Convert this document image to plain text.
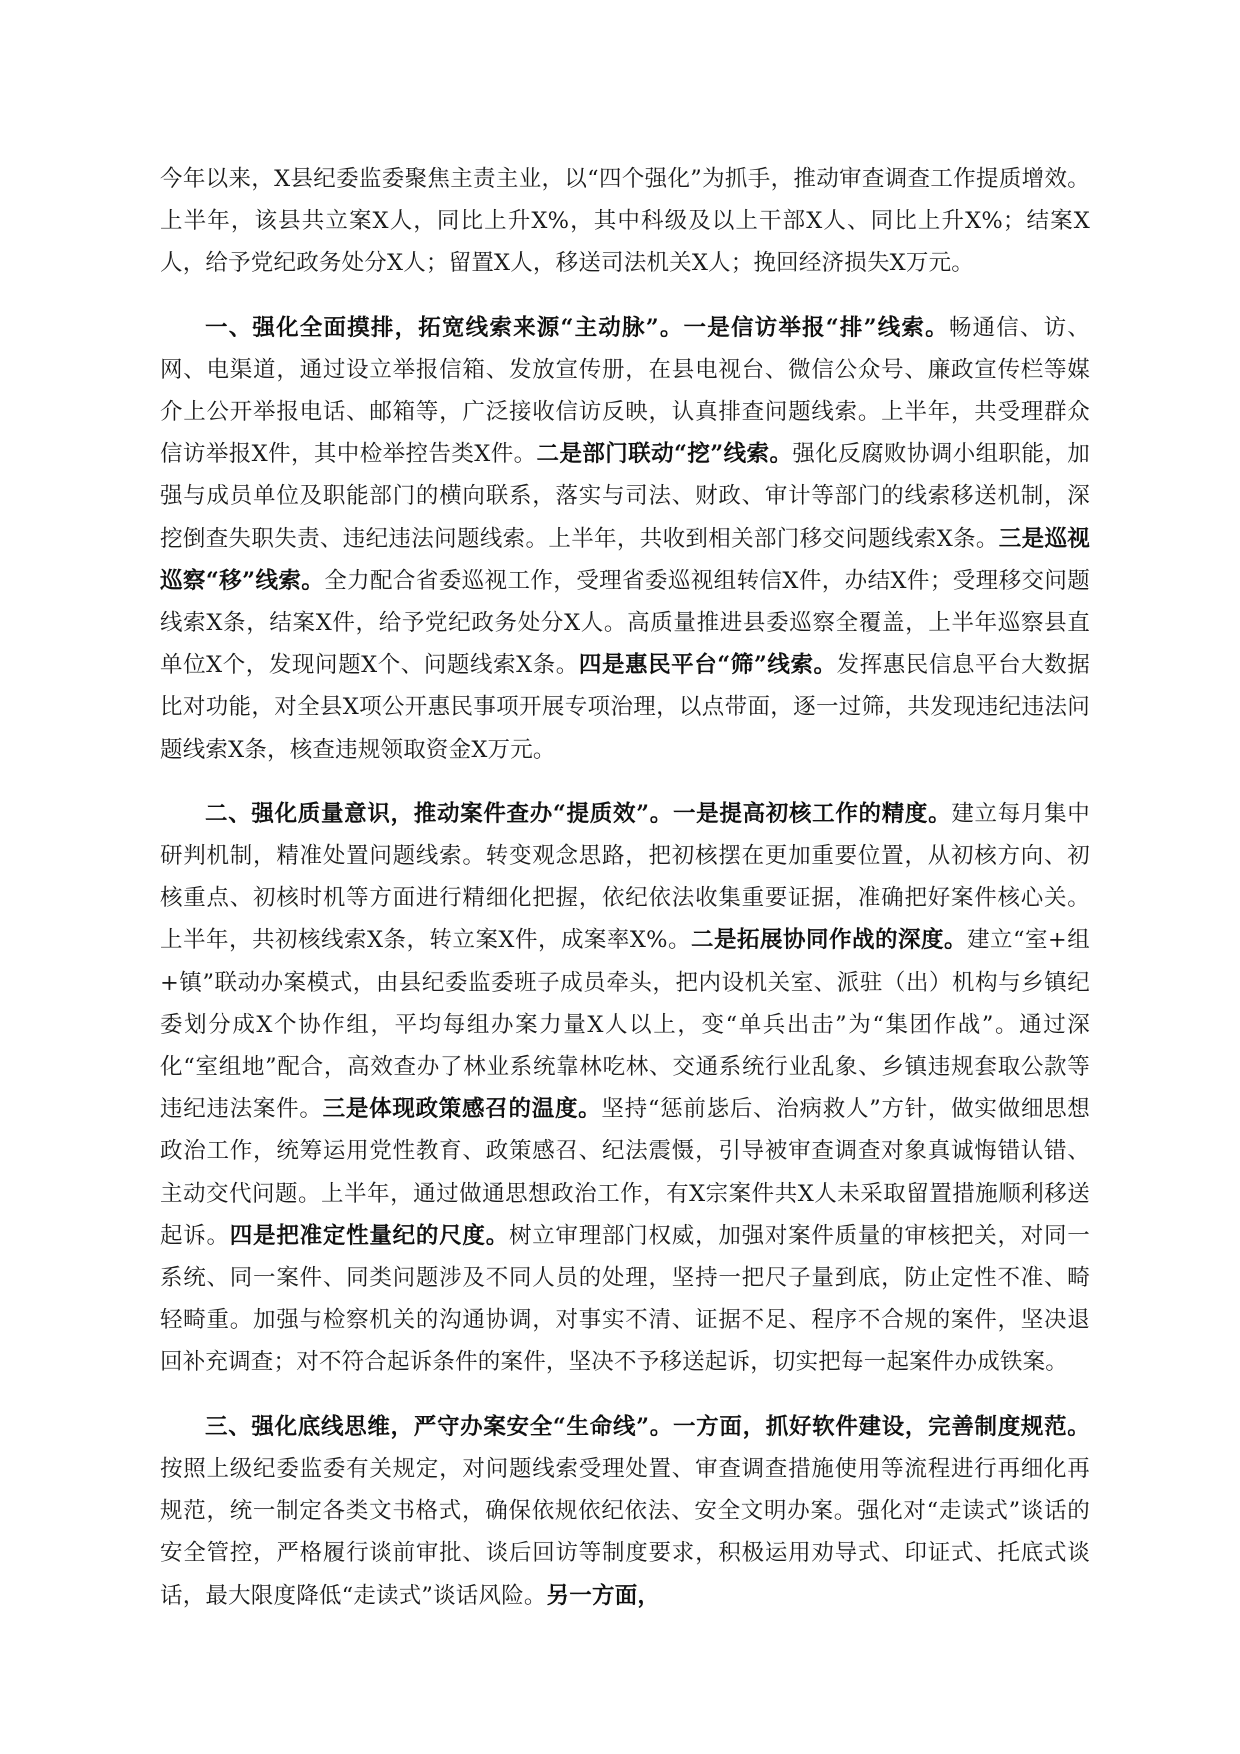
今年以来，X县纪委监委聚焦主责主业，以“四个强化”为抓手，推动审查调查工作提质增效。上半年，该县共立案X人，同比上升X%，其中科级及以上干部X人、同比上升X%；结案X人，给予党纪政务处分X人；留置X人，移送司法机关X人；挽回经济损失X万元。

一、强化全面摸排，拓宽线索来源“主动脉”。一是信访举报“排”线索。畅通信、访、网、电渠道，通过设立举报信箱、发放宣传册，在县电视台、微信公众号、廉政宣传栏等媒介上公开举报电话、邮箱等，广泛接收信访反映，认真排查问题线索。上半年，共受理群众信访举报X件，其中检举控告类X件。二是部门联动“挖”线索。强化反腐败协调小组职能，加强与成员单位及职能部门的横向联系，落实与司法、财政、审计等部门的线索移送机制，深挖倒查失职失责、违纪违法问题线索。上半年，共收到相关部门移交问题线索X条。三是巡视巡察“移”线索。全力配合省委巡视工作，受理省委巡视组转信X件，办结X件；受理移交问题线索X条，结案X件，给予党纪政务处分X人。高质量推进县委巡察全覆盖，上半年巡察县直单位X个，发现问题X个、问题线索X条。四是惠民平台“筛”线索。发挥惠民信息平台大数据比对功能，对全县X项公开惠民事项开展专项治理，以点带面，逐一过筛，共发现违纪违法问题线索X条，核查违规领取资金X万元。

二、强化质量意识，推动案件查办“提质效”。一是提高初核工作的精度。建立每月集中研判机制，精准处置问题线索。转变观念思路，把初核摆在更加重要位置，从初核方向、初核重点、初核时机等方面进行精细化把握，依纪依法收集重要证据，准确把好案件核心关。上半年，共初核线索X条，转立案X件，成案率X%。二是拓展协同作战的深度。建立“室+组+镇”联动办案模式，由县纪委监委班子成员牵头，把内设机关室、派驻（出）机构与乡镇纪委划分成X个协作组，平均每组办案力量X人以上，变“单兵出击”为“集团作战”。通过深化“室组地”配合，高效查办了林业系统靠林吃林、交通系统行业乱象、乡镇违规套取公款等违纪违法案件。三是体现政策感召的温度。坚持“惩前毖后、治病救人”方针，做实做细思想政治工作，统筹运用党性教育、政策感召、纪法震慑，引导被审查调查对象真诚悔错认错、主动交代问题。上半年，通过做通思想政治工作，有X宗案件共X人未采取留置措施顺利移送起诉。四是把准定性量纪的尺度。树立审理部门权威，加强对案件质量的审核把关，对同一系统、同一案件、同类问题涉及不同人员的处理，坚持一把尺子量到底，防止定性不准、畸轻畸重。加强与检察机关的沟通协调，对事实不清、证据不足、程序不合规的案件，坚决退回补充调查；对不符合起诉条件的案件，坚决不予移送起诉，切实把每一起案件办成铁案。

三、强化底线思维，严守办案安全“生命线”。一方面，抓好软件建设，完善制度规范。按照上级纪委监委有关规定，对问题线索受理处置、审查调查措施使用等流程进行再细化再规范，统一制定各类文书格式，确保依规依纪依法、安全文明办案。强化对“走读式”谈话的安全管控，严格履行谈前审批、谈后回访等制度要求，积极运用劝导式、印证式、托底式谈话，最大限度降低“走读式”谈话风险。另一方面，
